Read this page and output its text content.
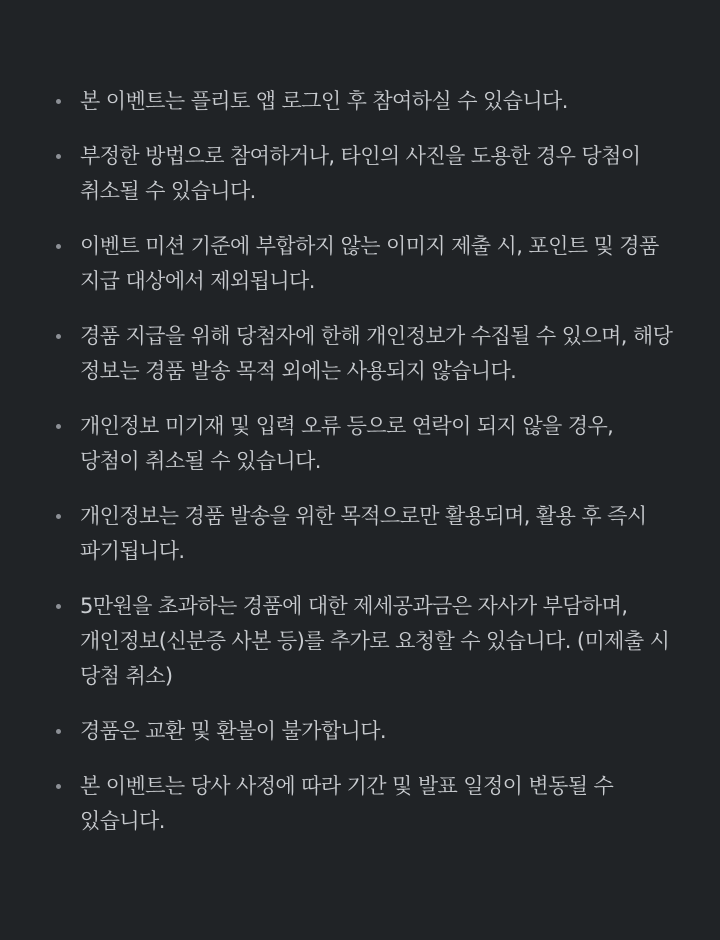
본 이벤트는 플리토 앱 로그인 후 참여하실 수 있습니다.
부정한 방법으로 참여하거나, 타인의 사진을 도용한 경우 당첨이 취소될 수 있습니다.
이벤트 미션 기준에 부합하지 않는 이미지 제출 시, 포인트 및 경품 지급 대상에서 제외됩니다.
경품 지급을 위해 당첨자에 한해 개인정보가 수집될 수 있으며, 해당 정보는 경품 발송 목적 외에는 사용되지 않습니다.
개인정보 미기재 및 입력 오류 등으로 연락이 되지 않을 경우, 당첨이 취소될 수 있습니다.
개인정보는 경품 발송을 위한 목적으로만 활용되며, 활용 후 즉시 파기됩니다.
5만원을 초과하는 경품에 대한 제세공과금은 자사가 부담하며, 개인정보(신분증 사본 등)를 추가로 요청할 수 있습니다. (미제출 시 당첨 취소)
경품은 교환 및 환불이 불가합니다.
본 이벤트는 당사 사정에 따라 기간 및 발표 일정이 변동될 수 있습니다.
